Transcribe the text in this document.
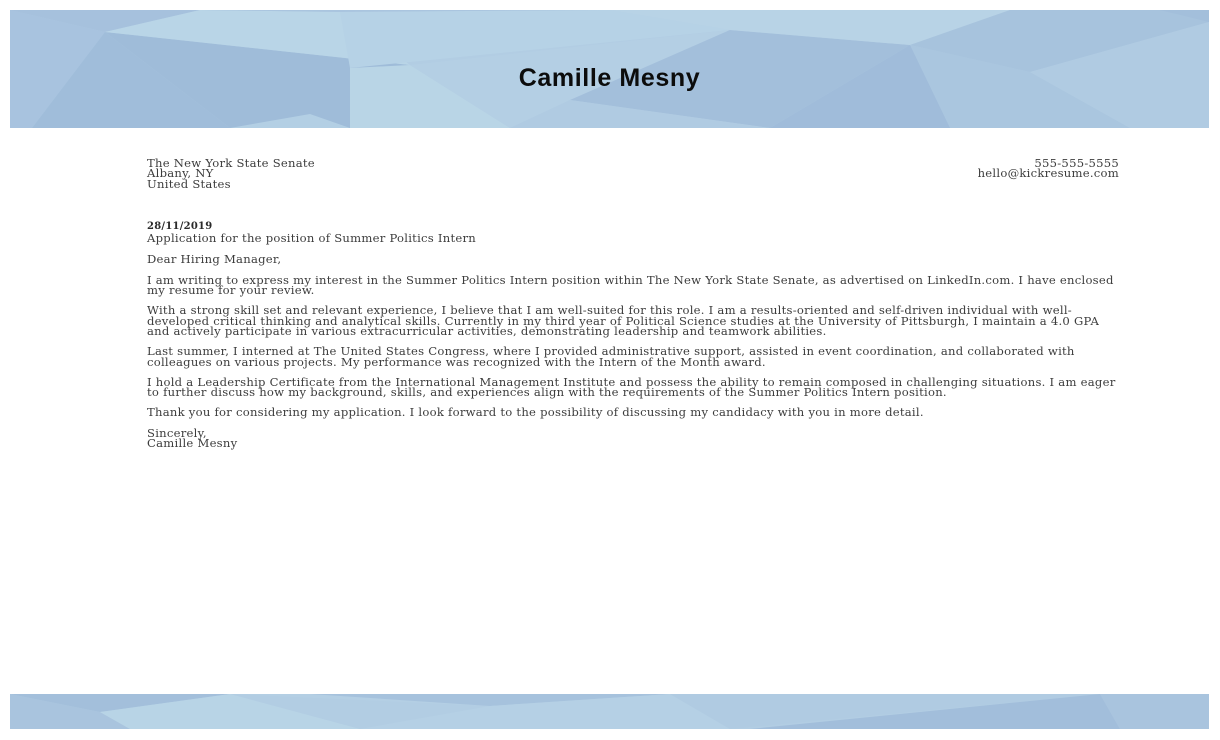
Camille Mesny
The New York State Senate
Albany, NY
United States
555-555-5555
hello@kickresume.com

28/11/2019

Application for the position of Summer Politics Intern

Dear Hiring Manager,

I am writing to express my interest in the Summer Politics Intern position within The New York State Senate, as advertised on LinkedIn.com. I have enclosed my resume for your review.

With a strong skill set and relevant experience, I believe that I am well-suited for this role. I am a results-oriented and self-driven individual with well-developed critical thinking and analytical skills. Currently in my third year of Political Science studies at the University of Pittsburgh, I maintain a 4.0 GPA and actively participate in various extracurricular activities, demonstrating leadership and teamwork abilities.

Last summer, I interned at The United States Congress, where I provided administrative support, assisted in event coordination, and collaborated with colleagues on various projects. My performance was recognized with the Intern of the Month award.

I hold a Leadership Certificate from the International Management Institute and possess the ability to remain composed in challenging situations. I am eager to further discuss how my background, skills, and experiences align with the requirements of the Summer Politics Intern position.

Thank you for considering my application. I look forward to the possibility of discussing my candidacy with you in more detail.

Sincerely,

Camille Mesny
